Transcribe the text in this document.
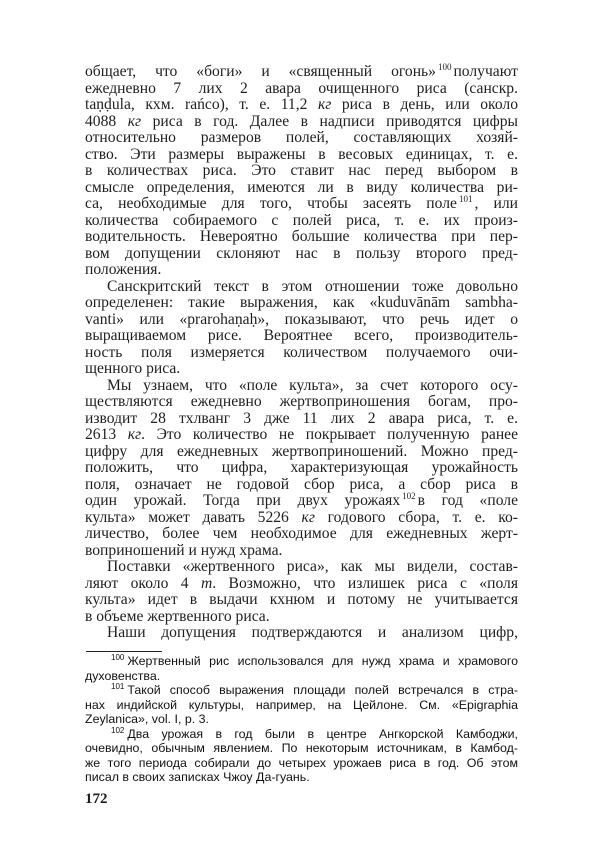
общает, что «боги» и «священный огонь» $^{100}$ получают
ежедневно 7 лих 2 авара очищенного риса (санскр.
taṇḍula, кхм. rańco), т. е. 11,2 кг риса в день, или около
4088 кг риса в год. Далее в надписи приводятся цифры
относительно размеров полей, составляющих хозяй-
ство. Эти размеры выражены в весовых единицах, т. е.
в количествах риса. Это ставит нас перед выбором в
смысле определения, имеются ли в виду количества ри-
са, необходимые для того, чтобы засеять поле $^{101}$ , или
количества собираемого с полей риса, т. е. их произ-
водительность. Невероятно большие количества при пер-
вом допущении склоняют нас в пользу второго пред-
положения.
Санскритский текст в этом отношении тоже довольно
определенен: такие выражения, как «kuduvānām sambha-
vanti» или «prarohaṇaḥ», показывают, что речь идет о
выращиваемом рисе. Вероятнее всего, производитель-
ность поля измеряется количеством получаемого очи-
щенного риса.
Мы узнаем, что «поле культа», за счет которого осу-
ществляются ежедневно жертвоприношения богам, про-
изводит 28 тхлванг 3 дже 11 лих 2 авара риса, т. е.
2613 кг. Это количество не покрывает полученную ранее
цифру для ежедневных жертвоприношений. Можно пред-
положить, что цифра, характеризующая урожайность
поля, означает не годовой сбор риса, а сбор риса в
один урожай. Тогда при двух урожаях $^{102}$ в год «поле
культа» может давать 5226 кг годового сбора, т. е. ко-
личество, более чем необходимое для ежедневных жерт-
воприношений и нужд храма.
Поставки «жертвенного риса», как мы видели, состав-
ляют около 4 т. Возможно, что излишек риса с «поля
культа» идет в выдачи кхнюм и потому не учитывается
в объеме жертвенного риса.
Наши допущения подтверждаются и анализом цифр,
$^{100}$ Жертвенный рис использовался для нужд храма и храмового
духовенства.
$^{101}$ Такой способ выражения площади полей встречался в стра-
нах индийской культуры, например, на Цейлоне. См. «Epigraphia
Zeylanica», vol. I, p. 3.
$^{102}$ Два урожая в год были в центре Ангкорской Камбоджи,
очевидно, обычным явлением. По некоторым источникам, в Камбод-
же того периода собирали до четырех урожаев риса в год. Об этом
писал в своих записках Чжоу Да-гуань.
172
